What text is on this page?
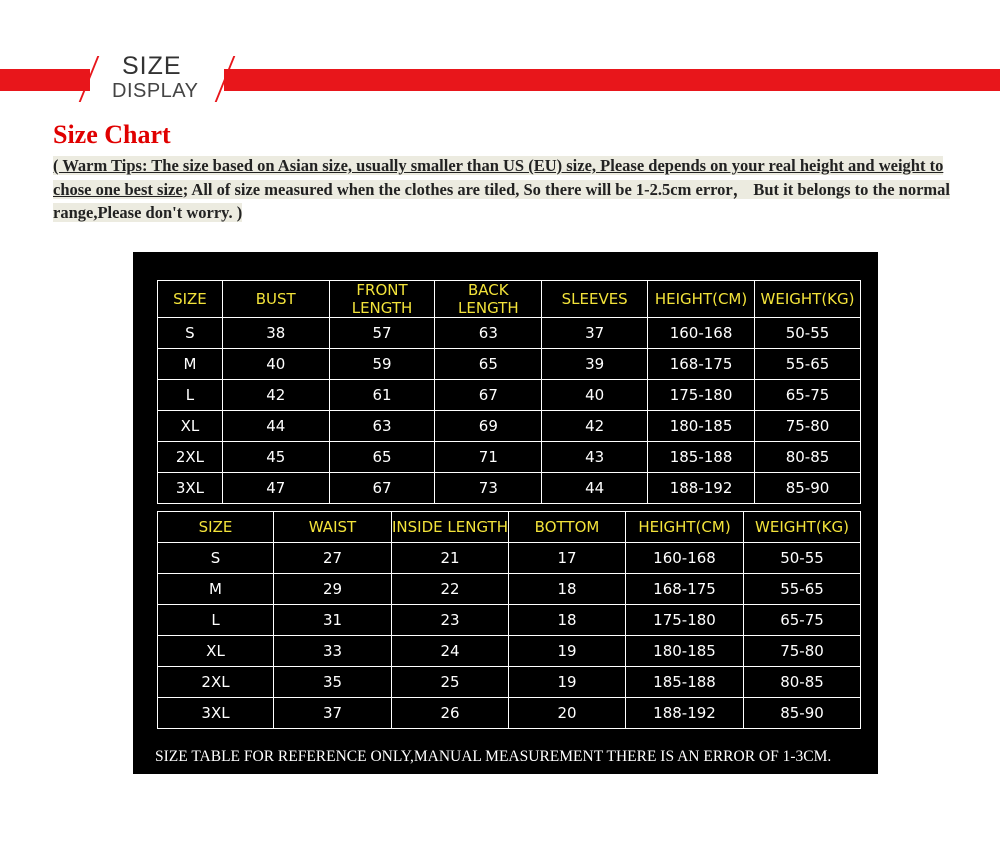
SIZE
DISPLAY
Size Chart
( Warm Tips: The size based on Asian size, usually smaller than US (EU) size, Please depends on your real height and weight to chose one best size; All of size measured when the clothes are tiled, So there will be 1-2.5cm error， But it belongs to the normal range,Please don't worry. )
SIZE	BUST	FRONT LENGTH	BACK LENGTH	SLEEVES	HEIGHT(CM)	WEIGHT(KG)
S	38	57	63	37	160-168	50-55
M	40	59	65	39	168-175	55-65
L	42	61	67	40	175-180	65-75
XL	44	63	69	42	180-185	75-80
2XL	45	65	71	43	185-188	80-85
3XL	47	67	73	44	188-192	85-90
SIZE	WAIST	INSIDE LENGTH	BOTTOM	HEIGHT(CM)	WEIGHT(KG)
S	27	21	17	160-168	50-55
M	29	22	18	168-175	55-65
L	31	23	18	175-180	65-75
XL	33	24	19	180-185	75-80
2XL	35	25	19	185-188	80-85
3XL	37	26	20	188-192	85-90
SIZE TABLE FOR REFERENCE ONLY,MANUAL MEASUREMENT THERE IS AN ERROR OF 1-3CM.
